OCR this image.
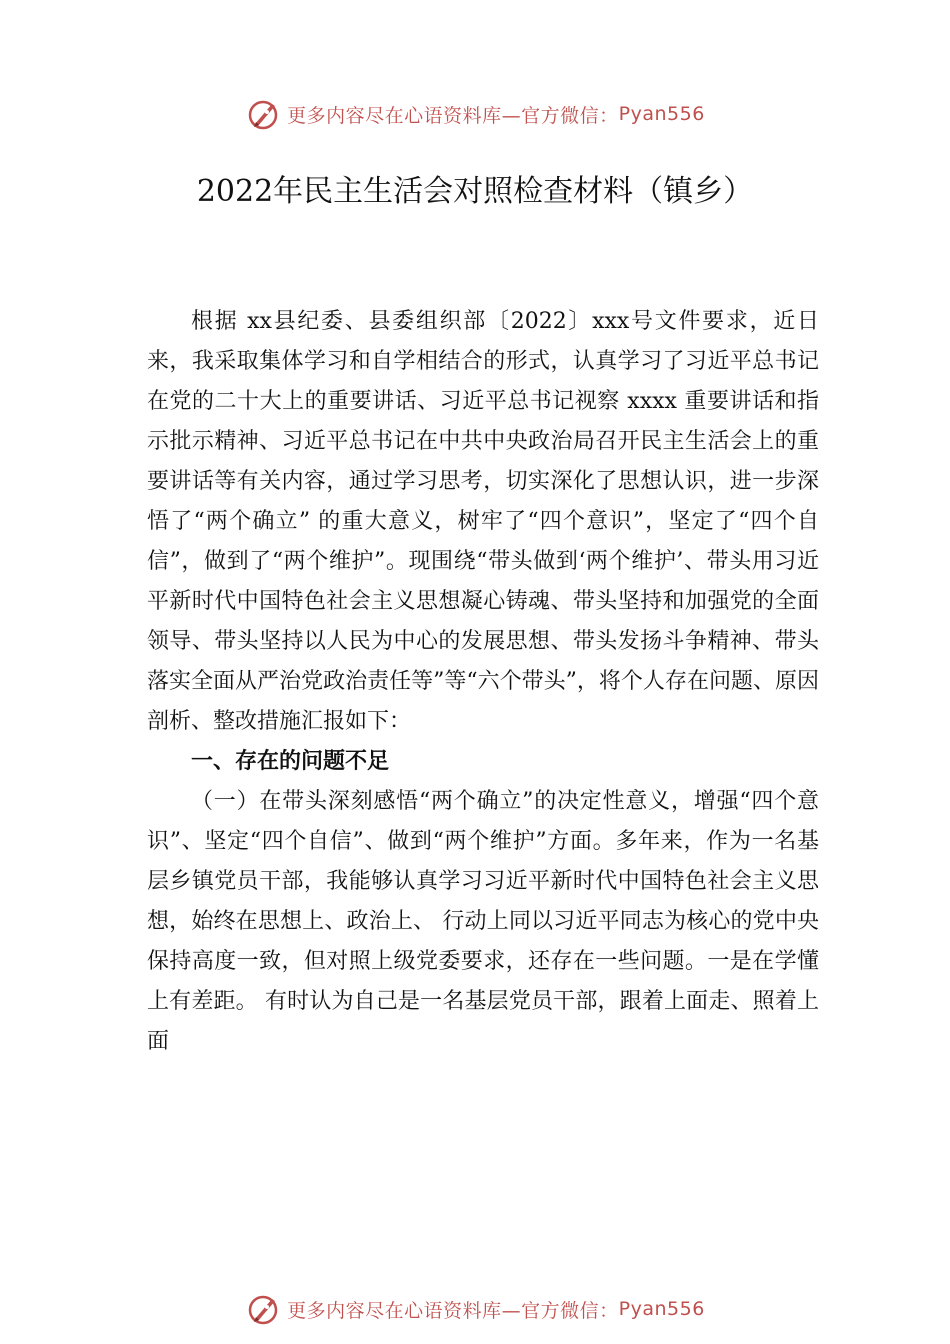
更多内容尽在心语资料库—官方微信： Pyan556
2022年民主生活会对照检查材料（镇乡）

根据 xx县纪委、县委组织部〔2022〕xxx号文件要求，近日来，我采取集体学习和自学相结合的形式，认真学习了习近平总书记在党的二十大上的重要讲话、习近平总书记视察 xxxx 重要讲话和指示批示精神、习近平总书记在中共中央政治局召开民主生活会上的重要讲话等有关内容，通过学习思考，切实深化了思想认识，进一步深悟了“两个确立” 的重大意义，树牢了“四个意识”，坚定了“四个自信”，做到了“两个维护”。现围绕“带头做到‘两个维护’、带头用习近平新时代中国特色社会主义思想凝心铸魂、带头坚持和加强党的全面领导、带头坚持以人民为中心的发展思想、带头发扬斗争精神、带头落实全面从严治党政治责任等”等“六个带头”，将个人存在问题、原因剖析、整改措施汇报如下：

一、存在的问题不足

（一）在带头深刻感悟“两个确立”的决定性意义，增强“四个意识”、坚定“四个自信”、做到“两个维护”方面。多年来，作为一名基层乡镇党员干部，我能够认真学习习近平新时代中国特色社会主义思想，始终在思想上、政治上、 行动上同以习近平同志为核心的党中央保持高度一致，但对照上级党委要求，还存在一些问题。一是在学懂上有差距。 有时认为自己是一名基层党员干部，跟着上面走、照着上面

更多内容尽在心语资料库—官方微信： Pyan556
